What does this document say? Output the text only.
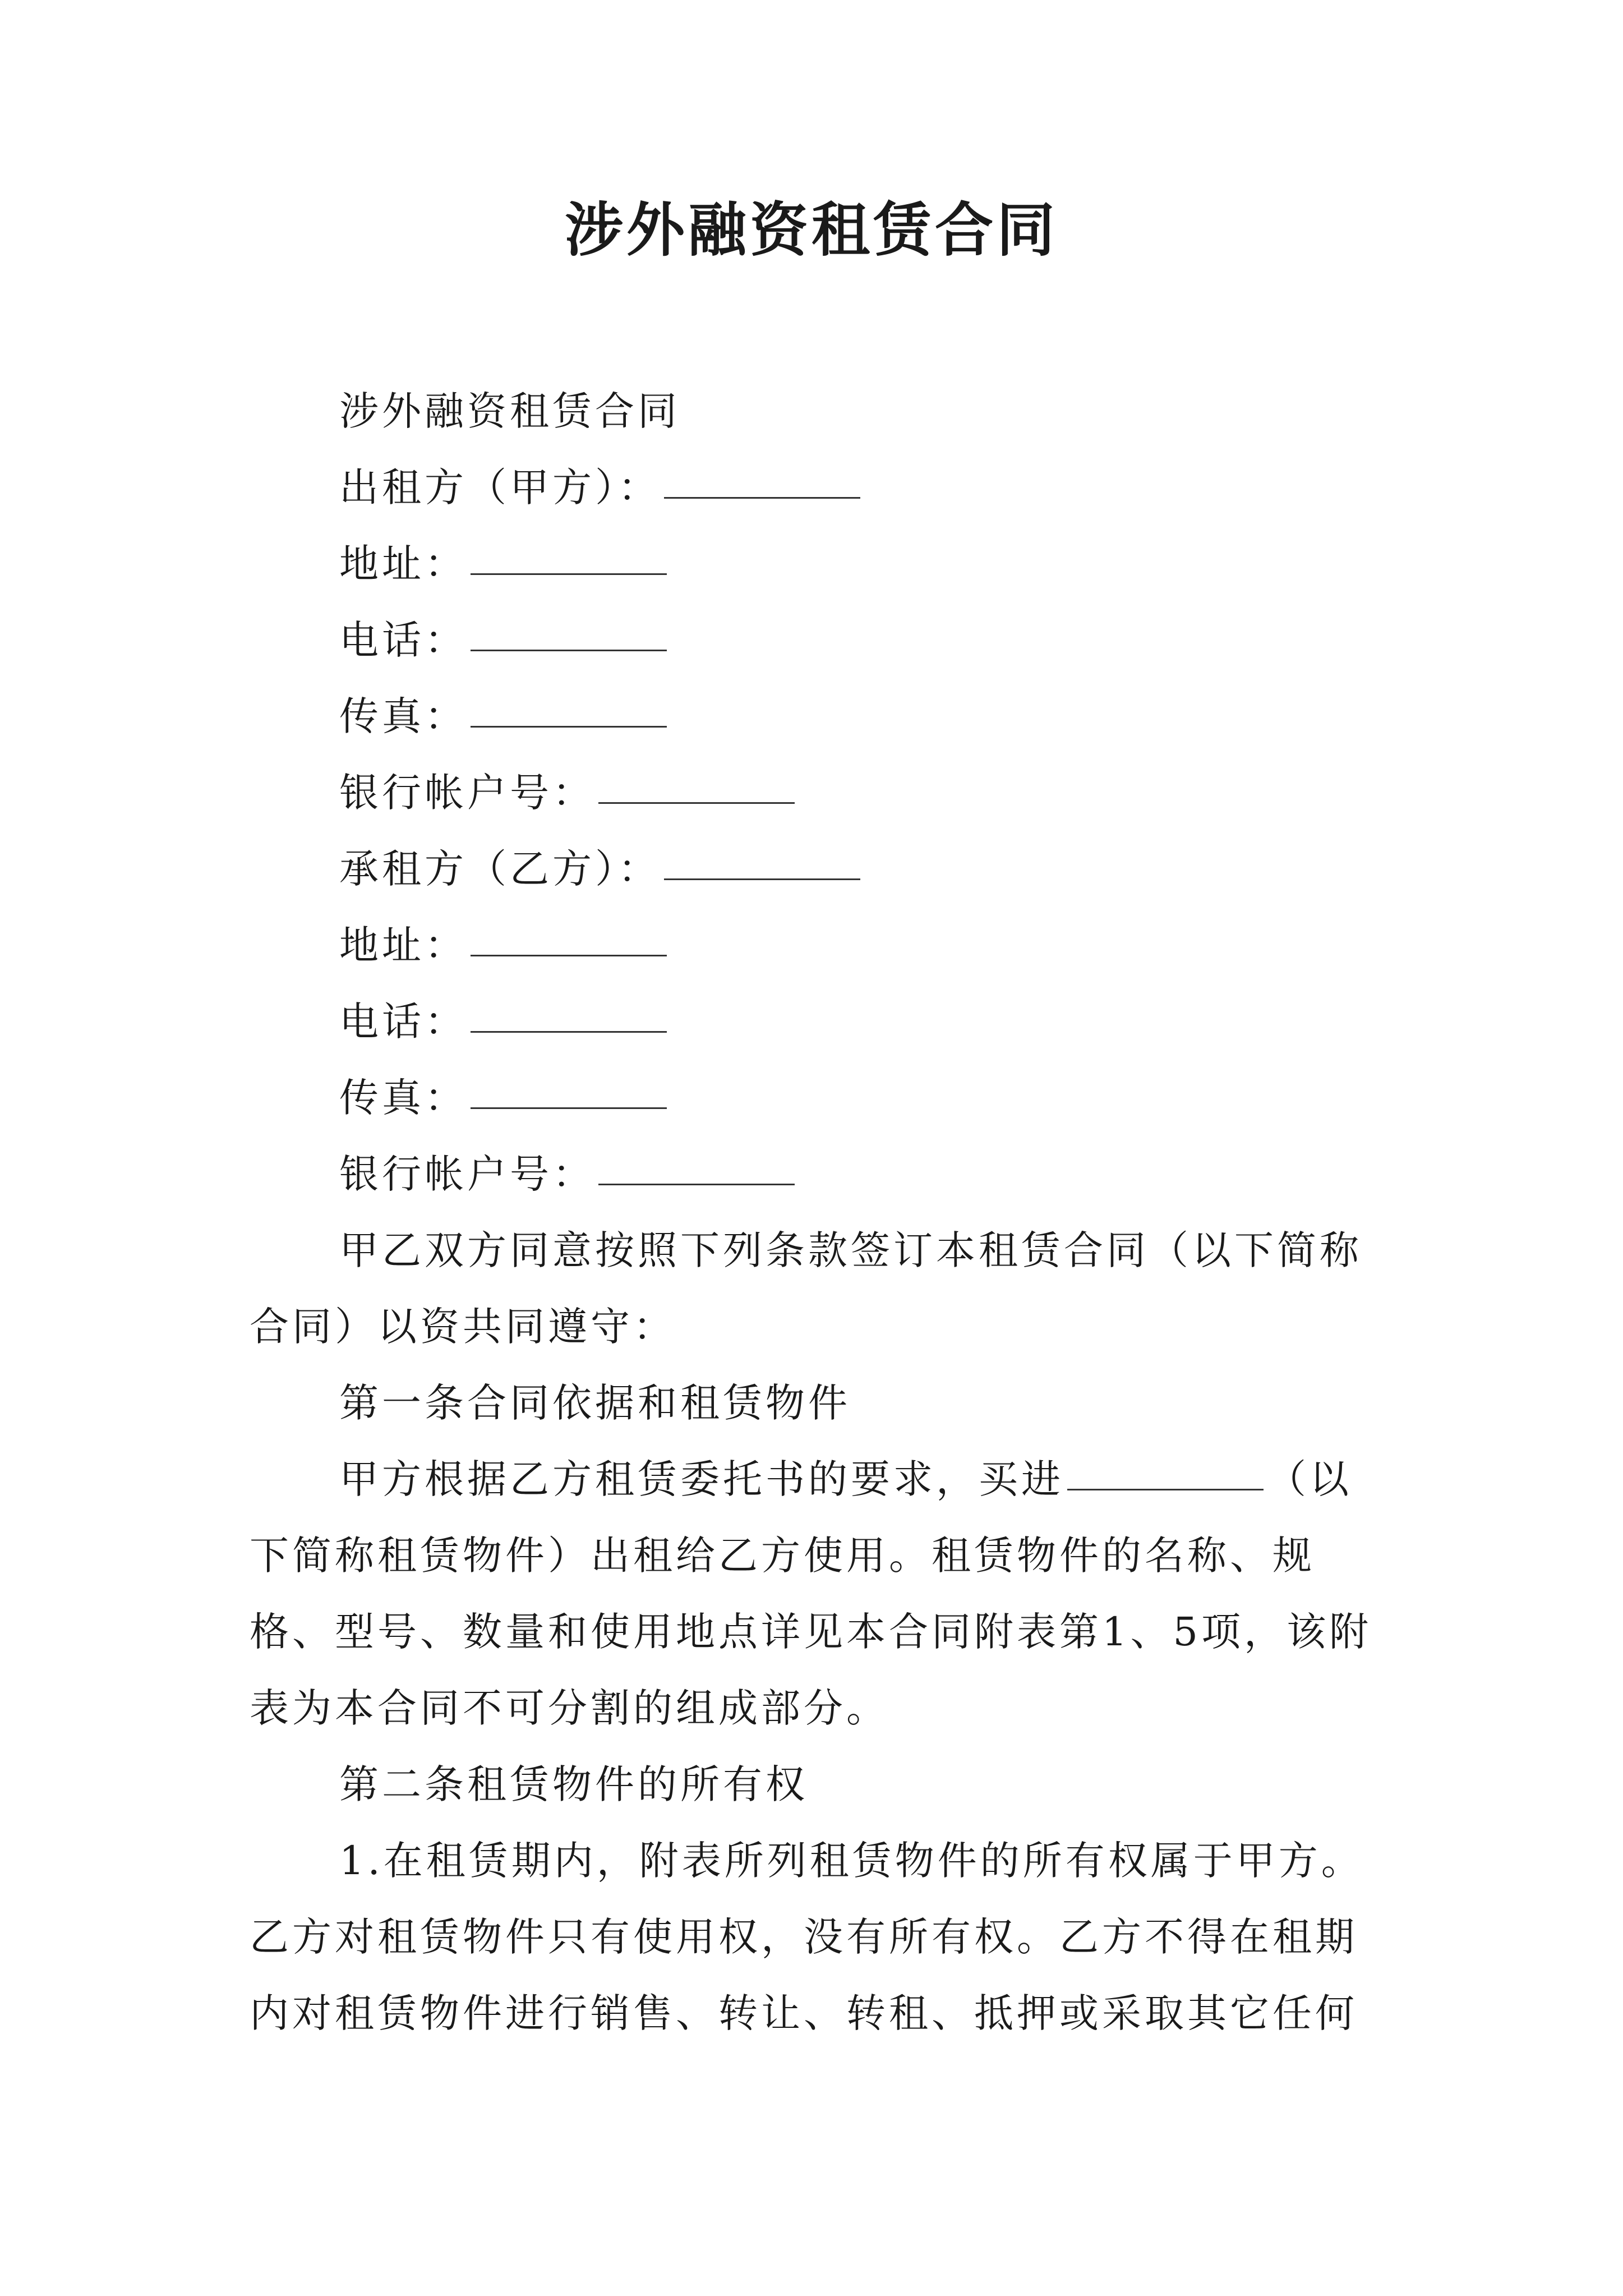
涉外融资租赁合同

涉外融资租赁合同

出租方（甲方）：

地址：

电话：

传真：

银行帐户号：

承租方（乙方）：

地址：

电话：

传真：

银行帐户号：

甲乙双方同意按照下列条款签订本租赁合同（以下简称合同）以资共同遵守：

第一条合同依据和租赁物件

甲方根据乙方租赁委托书的要求，买进	（以下简称租赁物件）出租给乙方使用。租赁物件的名称、规格、型号、数量和使用地点详见本合同附表第1、5项，该附表为本合同不可分割的组成部分。

第二条租赁物件的所有权

1.在租赁期内，附表所列租赁物件的所有权属于甲方。乙方对租赁物件只有使用权，没有所有权。乙方不得在租期内对租赁物件进行销售、转让、转租、抵押或采取其它任何
